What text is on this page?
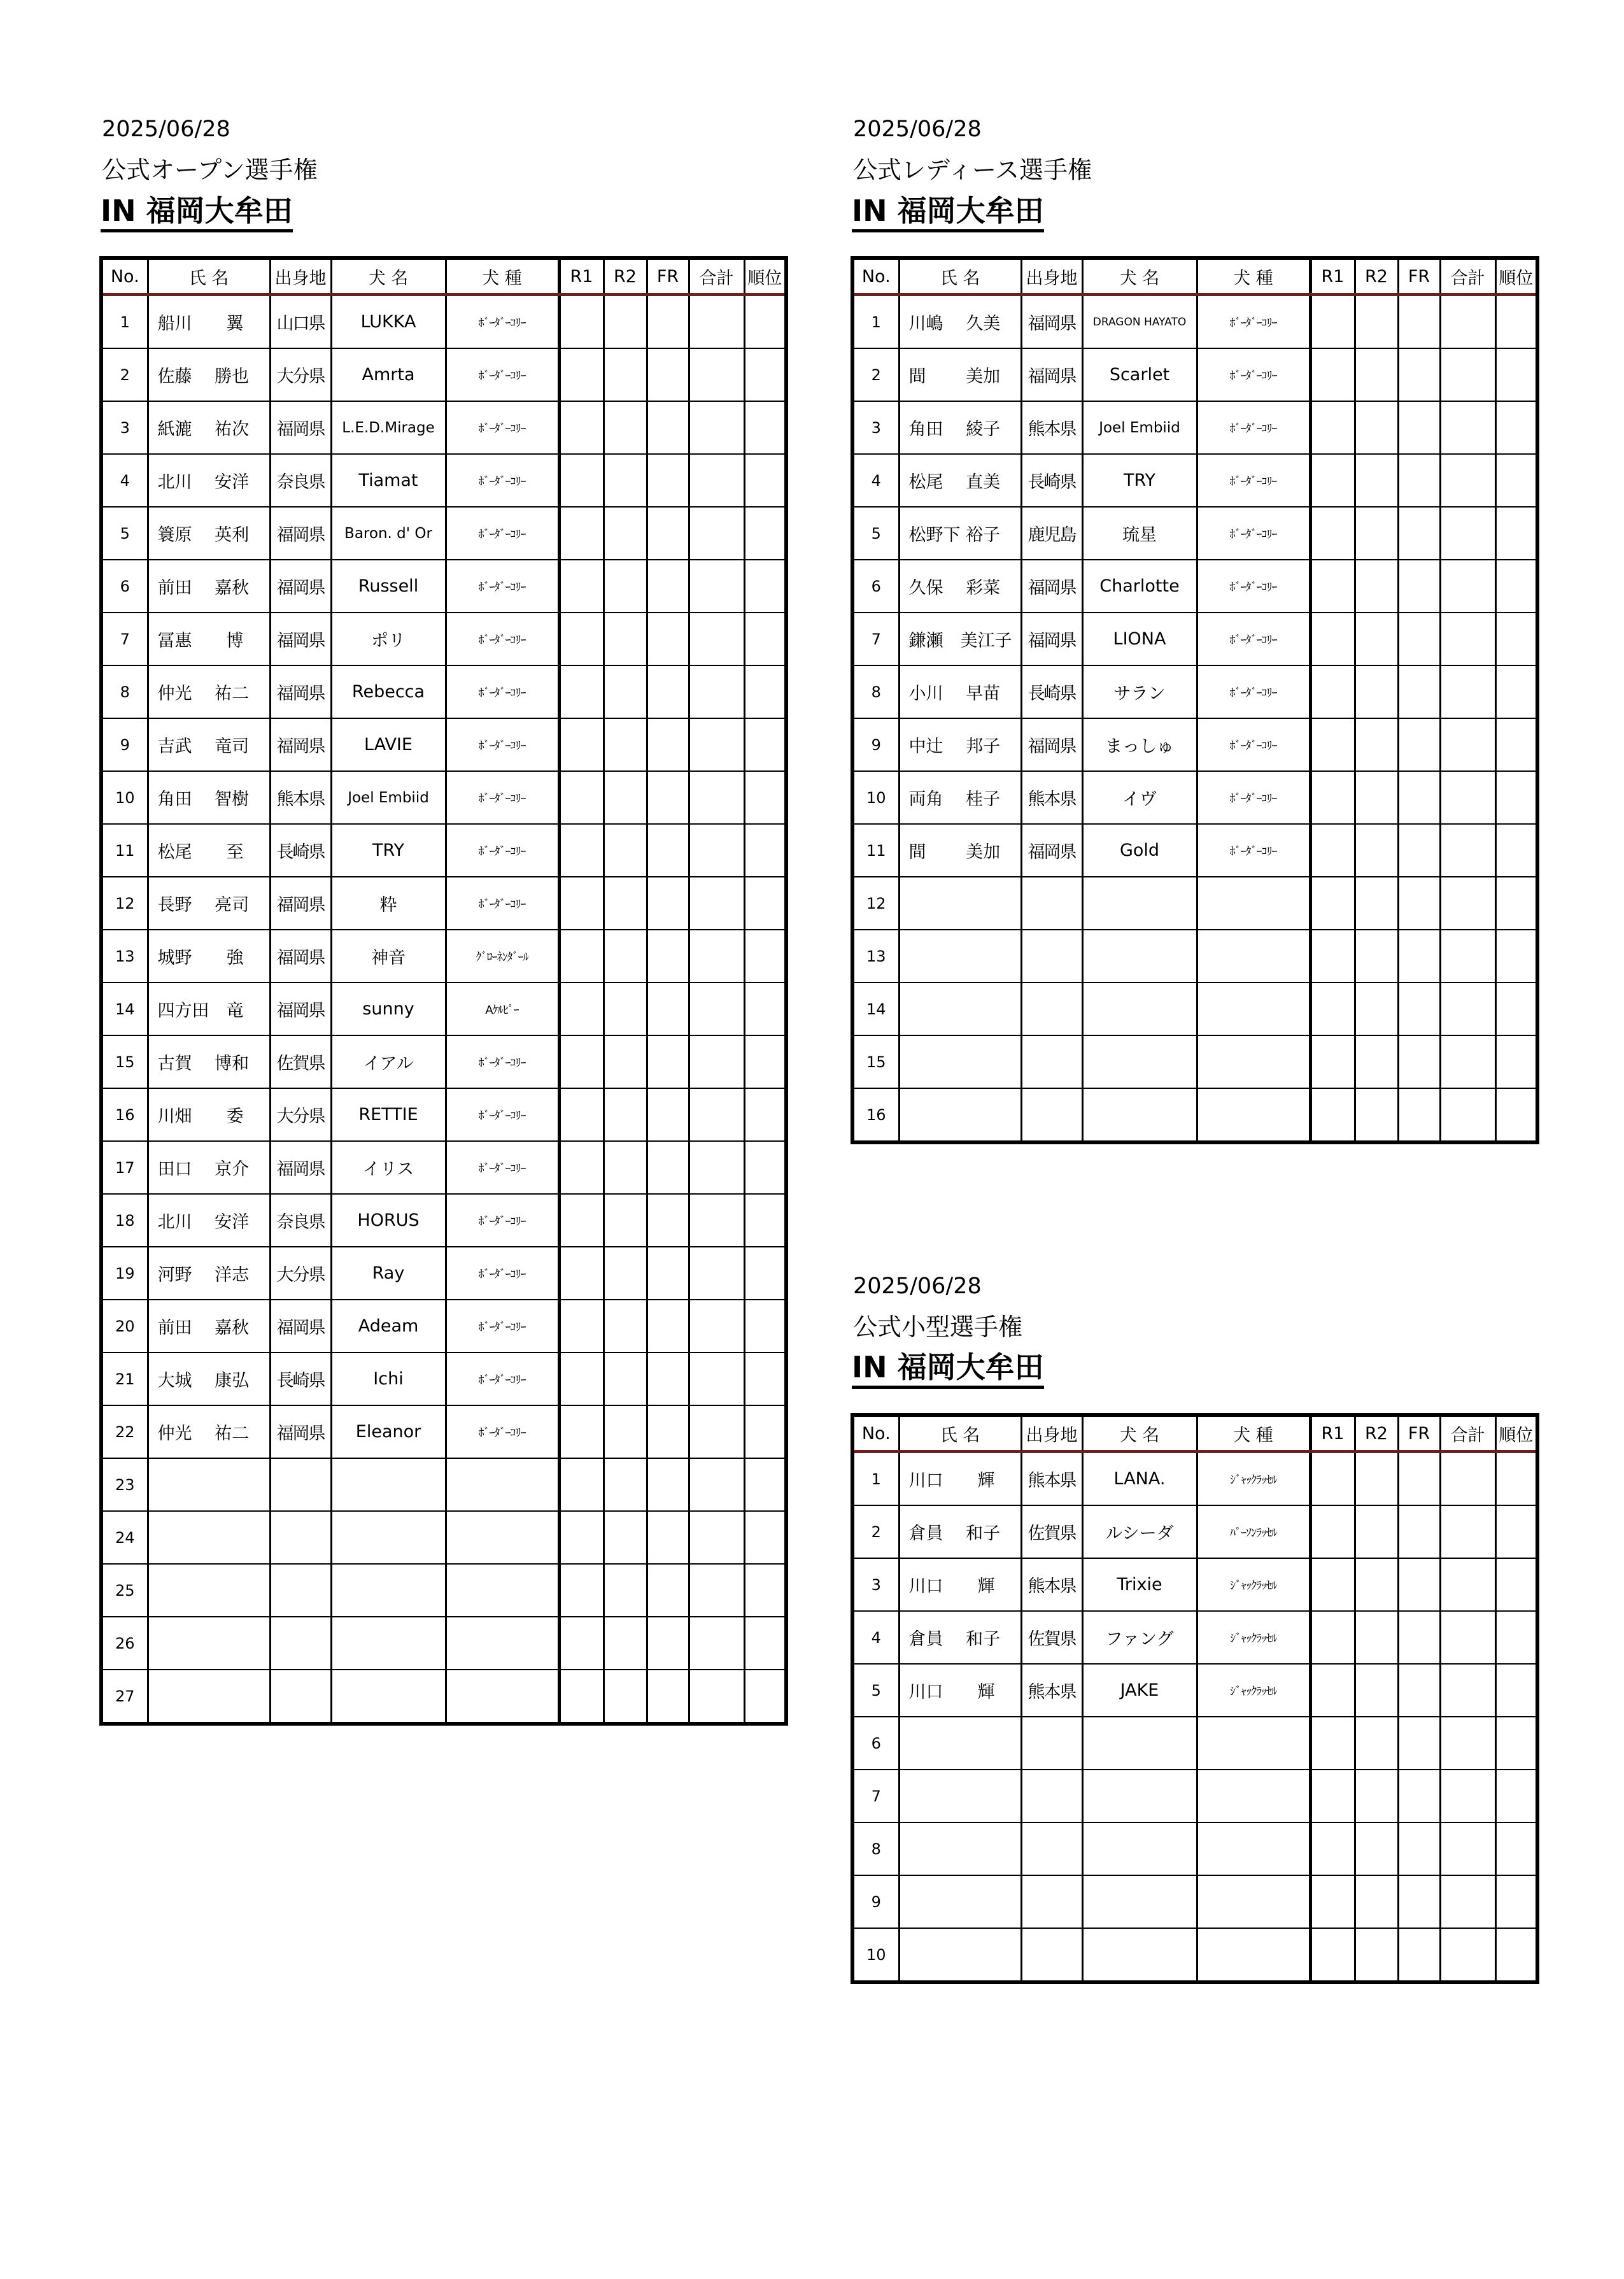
2025/06/28
公式オープン選手権
IN 福岡大牟田
No.	氏 名	出身地	犬 名	犬 種	R1	R2	FR	合計	順位
1	船川　　翼	山口県	LUKKA	ﾎﾞｰﾀﾞｰｺﾘｰ					
2	佐藤　 勝也	大分県	Amrta	ﾎﾞｰﾀﾞｰｺﾘｰ					
3	紙漉　 祐次	福岡県	L.E.D.Mirage	ﾎﾞｰﾀﾞｰｺﾘｰ					
4	北川　 安洋	奈良県	Tiamat	ﾎﾞｰﾀﾞｰｺﾘｰ					
5	簑原　 英利	福岡県	Baron. d' Or	ﾎﾞｰﾀﾞｰｺﾘｰ					
6	前田　 嘉秋	福岡県	Russell	ﾎﾞｰﾀﾞｰｺﾘｰ					
7	冨惠　　博	福岡県	ポリ	ﾎﾞｰﾀﾞｰｺﾘｰ					
8	仲光　 祐二	福岡県	Rebecca	ﾎﾞｰﾀﾞｰｺﾘｰ					
9	吉武　 竜司	福岡県	LAVIE	ﾎﾞｰﾀﾞｰｺﾘｰ					
10	角田　 智樹	熊本県	Joel Embiid	ﾎﾞｰﾀﾞｰｺﾘｰ					
11	松尾　　至	長崎県	TRY	ﾎﾞｰﾀﾞｰｺﾘｰ					
12	長野　 亮司	福岡県	粋	ﾎﾞｰﾀﾞｰｺﾘｰ					
13	城野　　強	福岡県	神音	ｸﾞﾛｰﾈﾝﾀﾞｰﾙ					
14	四方田　竜	福岡県	sunny	Aｹﾙﾋﾟｰ					
15	古賀　 博和	佐賀県	イアル	ﾎﾞｰﾀﾞｰｺﾘｰ					
16	川畑　　委	大分県	RETTIE	ﾎﾞｰﾀﾞｰｺﾘｰ					
17	田口　 京介	福岡県	イリス	ﾎﾞｰﾀﾞｰｺﾘｰ					
18	北川　 安洋	奈良県	HORUS	ﾎﾞｰﾀﾞｰｺﾘｰ					
19	河野　 洋志	大分県	Ray	ﾎﾞｰﾀﾞｰｺﾘｰ					
20	前田　 嘉秋	福岡県	Adeam	ﾎﾞｰﾀﾞｰｺﾘｰ					
21	大城　 康弘	長崎県	Ichi	ﾎﾞｰﾀﾞｰｺﾘｰ					
22	仲光　 祐二	福岡県	Eleanor	ﾎﾞｰﾀﾞｰｺﾘｰ					
23									
24									
25									
26									
27									
2025/06/28
公式レディース選手権
IN 福岡大牟田
No.	氏 名	出身地	犬 名	犬 種	R1	R2	FR	合計	順位
1	川嶋　 久美	福岡県	DRAGON HAYATO	ﾎﾞｰﾀﾞｰｺﾘｰ					
2	間　　 美加	福岡県	Scarlet	ﾎﾞｰﾀﾞｰｺﾘｰ					
3	角田　 綾子	熊本県	Joel Embiid	ﾎﾞｰﾀﾞｰｺﾘｰ					
4	松尾　 直美	長崎県	TRY	ﾎﾞｰﾀﾞｰｺﾘｰ					
5	松野下 裕子	鹿児島	琉星	ﾎﾞｰﾀﾞｰｺﾘｰ					
6	久保　 彩菜	福岡県	Charlotte	ﾎﾞｰﾀﾞｰｺﾘｰ					
7	鎌瀬　美江子	福岡県	LIONA	ﾎﾞｰﾀﾞｰｺﾘｰ					
8	小川　 早苗	長崎県	サラン	ﾎﾞｰﾀﾞｰｺﾘｰ					
9	中辻　 邦子	福岡県	まっしゅ	ﾎﾞｰﾀﾞｰｺﾘｰ					
10	両角　 桂子	熊本県	イヴ	ﾎﾞｰﾀﾞｰｺﾘｰ					
11	間　　 美加	福岡県	Gold	ﾎﾞｰﾀﾞｰｺﾘｰ					
12									
13									
14									
15									
16									
2025/06/28
公式小型選手権
IN 福岡大牟田
No.	氏 名	出身地	犬 名	犬 種	R1	R2	FR	合計	順位
1	川口　　輝	熊本県	LANA.	ｼﾞｬｯｸﾗｯｾﾙ					
2	倉員　 和子	佐賀県	ルシーダ	ﾊﾟｰｿﾝﾗｯｾﾙ					
3	川口　　輝	熊本県	Trixie	ｼﾞｬｯｸﾗｯｾﾙ					
4	倉員　 和子	佐賀県	ファング	ｼﾞｬｯｸﾗｯｾﾙ					
5	川口　　輝	熊本県	JAKE	ｼﾞｬｯｸﾗｯｾﾙ					
6									
7									
8									
9									
10									
